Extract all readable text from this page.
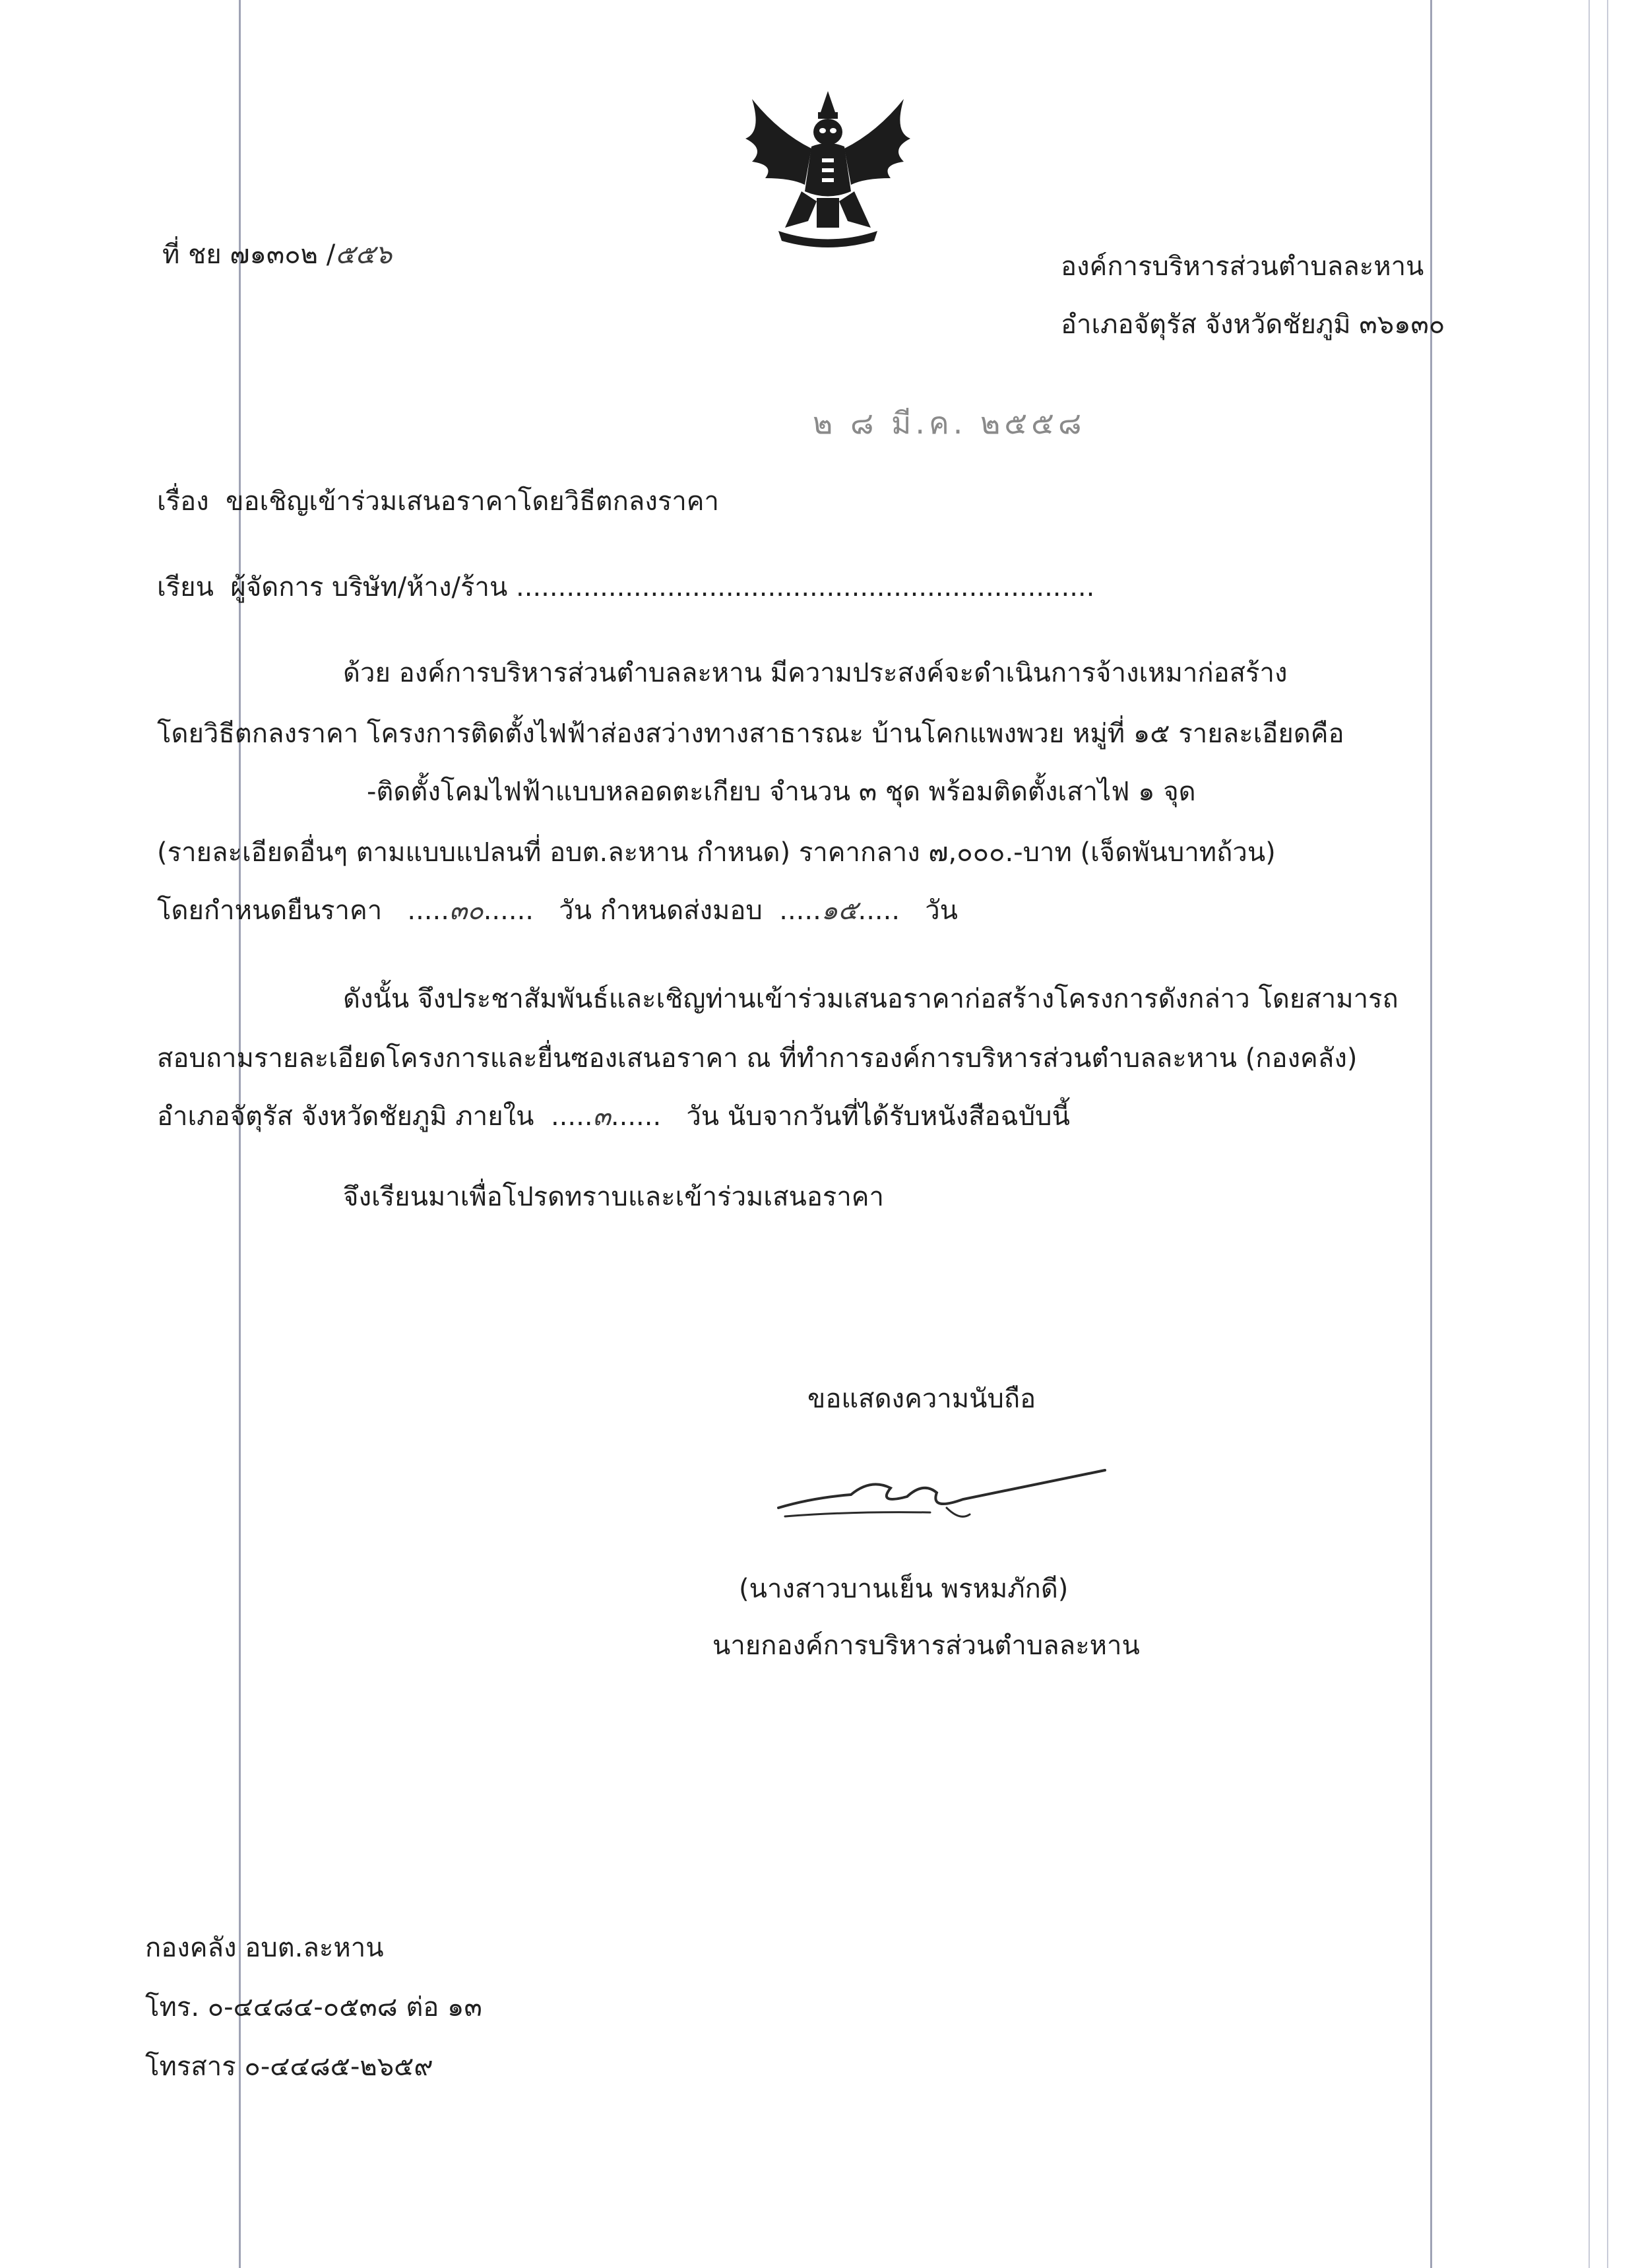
ที่ ชย ๗๑๓๐๒ /๕๕๖	องค์การบริหารส่วนตำบลละหาน
อำเภอจัตุรัส จังหวัดชัยภูมิ ๓๖๑๓๐
๒ ๘ มี.ค. ๒๕๕๘
เรื่อง ขอเชิญเข้าร่วมเสนอราคาโดยวิธีตกลงราคา
เรียน ผู้จัดการ บริษัท/ห้าง/ร้าน .....................................................................
ด้วย องค์การบริหารส่วนตำบลละหาน มีความประสงค์จะดำเนินการจ้างเหมาก่อสร้าง
โดยวิธีตกลงราคา โครงการติดตั้งไฟฟ้าส่องสว่างทางสาธารณะ บ้านโคกแพงพวย หมู่ที่ ๑๕ รายละเอียดคือ
-ติดตั้งโคมไฟฟ้าแบบหลอดตะเกียบ จำนวน ๓ ชุด พร้อมติดตั้งเสาไฟ ๑ จุด
(รายละเอียดอื่นๆ ตามแบบแปลนที่ อบต.ละหาน กำหนด) ราคากลาง ๗,๐๐๐.-บาท (เจ็ดพันบาทถ้วน)
โดยกำหนดยืนราคา .....๓๐...... วัน กำหนดส่งมอบ .....๑๕..... วัน
ดังนั้น จึงประชาสัมพันธ์และเชิญท่านเข้าร่วมเสนอราคาก่อสร้างโครงการดังกล่าว โดยสามารถ
สอบถามรายละเอียดโครงการและยื่นซองเสนอราคา ณ ที่ทำการองค์การบริหารส่วนตำบลละหาน (กองคลัง)
อำเภอจัตุรัส จังหวัดชัยภูมิ ภายใน .....๓...... วัน นับจากวันที่ได้รับหนังสือฉบับนี้
จึงเรียนมาเพื่อโปรดทราบและเข้าร่วมเสนอราคา
ขอแสดงความนับถือ
(นางสาวบานเย็น พรหมภักดี)
นายกองค์การบริหารส่วนตำบลละหาน
กองคลัง อบต.ละหาน
โทร. ๐-๔๔๘๔-๐๕๓๘ ต่อ ๑๓
โทรสาร ๐-๔๔๘๕-๒๖๕๙
